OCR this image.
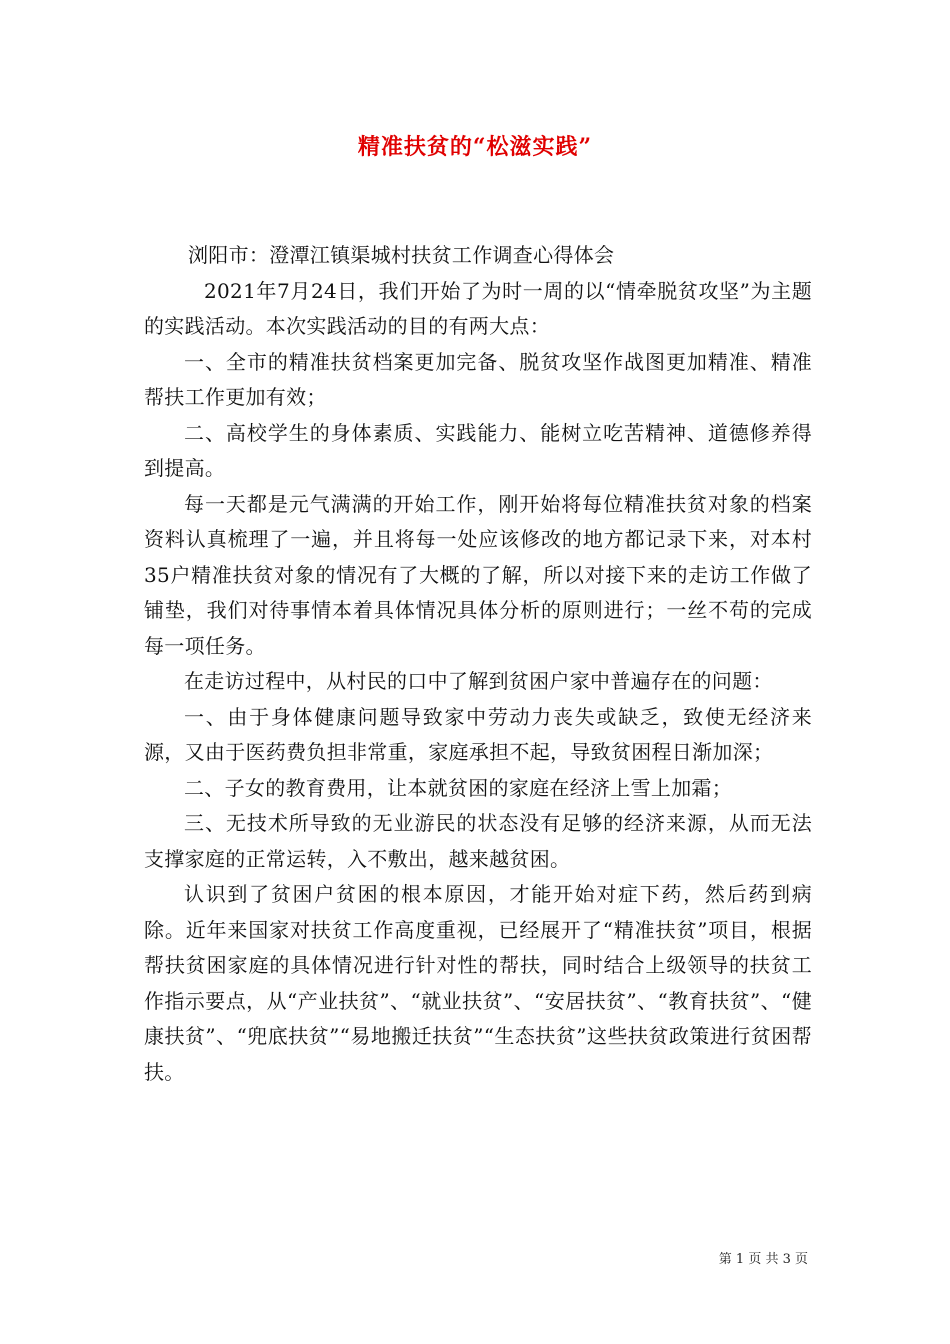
精准扶贫的“松滋实践”

浏阳市：澄潭江镇渠城村扶贫工作调查心得体会

2021年7月24日，我们开始了为时一周的以“情牵脱贫攻坚”为主题的实践活动。本次实践活动的目的有两大点：

一、全市的精准扶贫档案更加完备、脱贫攻坚作战图更加精准、精准帮扶工作更加有效；

二、高校学生的身体素质、实践能力、能树立吃苦精神、道德修养得到提高。

每一天都是元气满满的开始工作，刚开始将每位精准扶贫对象的档案资料认真梳理了一遍，并且将每一处应该修改的地方都记录下来，对本村35户精准扶贫对象的情况有了大概的了解，所以对接下来的走访工作做了铺垫，我们对待事情本着具体情况具体分析的原则进行；一丝不苟的完成每一项任务。

在走访过程中，从村民的口中了解到贫困户家中普遍存在的问题：

一、由于身体健康问题导致家中劳动力丧失或缺乏，致使无经济来源，又由于医药费负担非常重，家庭承担不起，导致贫困程日渐加深；

二、子女的教育费用，让本就贫困的家庭在经济上雪上加霜；

三、无技术所导致的无业游民的状态没有足够的经济来源，从而无法支撑家庭的正常运转，入不敷出，越来越贫困。

认识到了贫困户贫困的根本原因，才能开始对症下药，然后药到病除。近年来国家对扶贫工作高度重视，已经展开了“精准扶贫”项目，根据帮扶贫困家庭的具体情况进行针对性的帮扶，同时结合上级领导的扶贫工作指示要点，从“产业扶贫”、“就业扶贫”、“安居扶贫”、“教育扶贫”、“健康扶贫”、“兜底扶贫”“易地搬迁扶贫”“生态扶贫”这些扶贫政策进行贫困帮扶。

第 1 页 共 3 页
